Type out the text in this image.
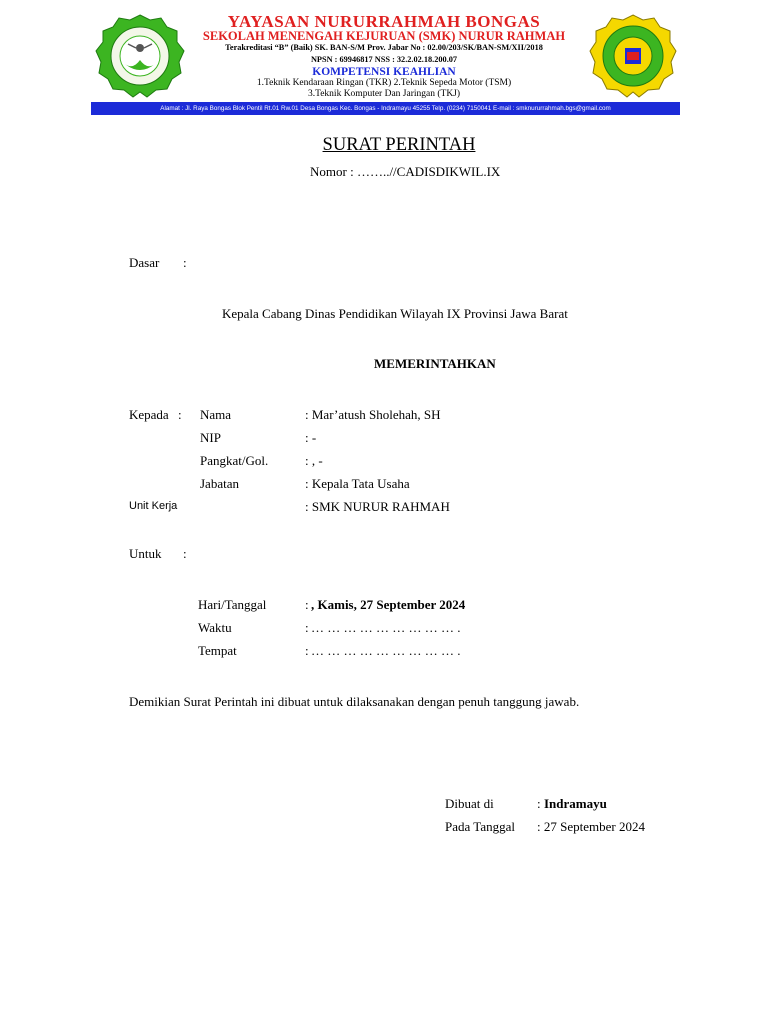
YAYASAN NURURRAHMAH BONGAS
SEKOLAH MENENGAH KEJURUAN (SMK) NURUR RAHMAH
Terakreditasi “B” (Baik) SK. BAN-S/M Prov. Jabar No : 02.00/203/SK/BAN-SM/XII/2018
NPSN : 69946817 NSS : 32.2.02.18.200.07
KOMPETENSI KEAHLIAN
1.Teknik Kendaraan Ringan (TKR) 2.Teknik Sepeda Motor (TSM)
3.Teknik Komputer Dan Jaringan (TKJ)
Alamat : Jl. Raya Bongas Blok Pentil Rt.01 Rw.01 Desa Bongas Kec. Bongas - Indramayu 45255 Telp. (0234) 7150041 E-mail : smknururrahmah.bgs@gmail.com
SURAT PERINTAH
Nomor : ……..//CADISDIKWIL.IX
Dasar :
Kepala Cabang Dinas Pendidikan Wilayah IX Provinsi Jawa Barat
MEMERINTAHKAN
Kepada : Nama	: Mar’atush Sholehah, SH
NIP	: -
Pangkat/Gol.	: , -
Jabatan	: Kepala Tata Usaha
Unit Kerja	: SMK NURUR RAHMAH
Untuk :
Hari/Tanggal	: , Kamis, 27 September 2024
Waktu	: … … … … … … … … … .
Tempat	: … … … … … … … … … .
Demikian Surat Perintah ini dibuat untuk dilaksanakan dengan penuh tanggung jawab.
Dibuat di	: Indramayu
Pada Tanggal : 27 September 2024
